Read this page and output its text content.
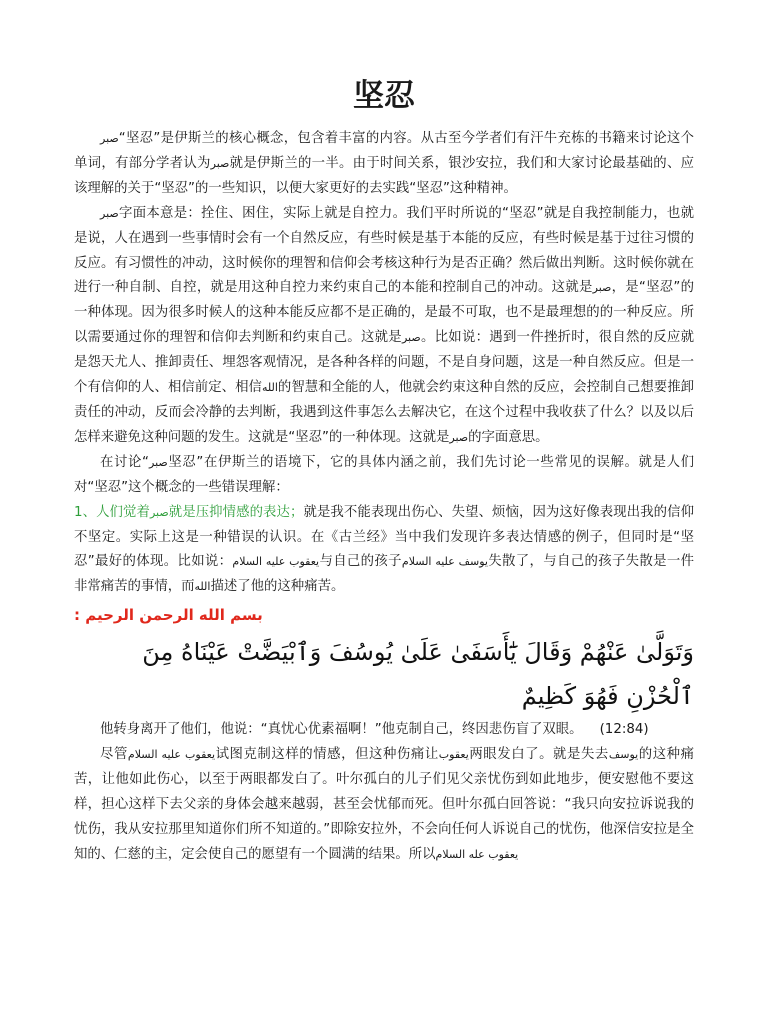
坚忍

صبر“坚忍”是伊斯兰的核心概念，包含着丰富的内容。从古至今学者们有汗牛充栋的书籍来讨论这个单词，有部分学者认为صبر就是伊斯兰的一半。由于时间关系，银沙安拉，我们和大家讨论最基础的、应该理解的关于“坚忍”的一些知识，以便大家更好的去实践“坚忍”这种精神。

صبر字面本意是：拴住、困住，实际上就是自控力。我们平时所说的“坚忍”就是自我控制能力，也就是说，人在遇到一些事情时会有一个自然反应，有些时候是基于本能的反应，有些时候是基于过往习惯的反应。有习惯性的冲动，这时候你的理智和信仰会考核这种行为是否正确？然后做出判断。这时候你就在进行一种自制、自控，就是用这种自控力来约束自己的本能和控制自己的冲动。这就是صبر，是“坚忍”的一种体现。因为很多时候人的这种本能反应都不是正确的，是最不可取，也不是最理想的的一种反应。所以需要通过你的理智和信仰去判断和约束自己。这就是صبر。比如说：遇到一件挫折时，很自然的反应就是怨天尤人、推卸责任、埋怨客观情况，是各种各样的问题，不是自身问题，这是一种自然反应。但是一个有信仰的人、相信前定、相信الله的智慧和全能的人，他就会约束这种自然的反应，会控制自己想要推卸责任的冲动，反而会冷静的去判断，我遇到这件事怎么去解决它，在这个过程中我收获了什么？以及以后怎样来避免这种问题的发生。这就是“坚忍”的一种体现。这就是صبر的字面意思。

在讨论“صبر坚忍”在伊斯兰的语境下，它的具体内涵之前，我们先讨论一些常见的误解。就是人们对“坚忍”这个概念的一些错误理解：

1、人们觉着صبر就是压抑情感的表达；就是我不能表现出伤心、失望、烦恼，因为这好像表现出我的信仰不坚定。实际上这是一种错误的认识。在《古兰经》当中我们发现许多表达情感的例子，但同时是“坚忍”最好的体现。比如说：يعقوب عليه السلام与自己的孩子يوسف عليه السلام失散了，与自己的孩子失散是一件非常痛苦的事情，而الله描述了他的这种痛苦。

بسم الله الرحمن الرحيم :

وَتَوَلَّىٰ عَنْهُمْ وَقَالَ يَٰٓأَسَفَىٰ عَلَىٰ يُوسُفَ وَٱبْيَضَّتْ عَيْنَاهُ مِنَ ٱلْحُزْنِ فَهُوَ كَظِيمٌ

他转身离开了他们，他说：“真忧心优素福啊！”他克制自己，终因悲伤盲了双眼。 (12:84)

尽管يعقوب عليه السلام试图克制这样的情感，但这种伤痛让يعقوب两眼发白了。就是失去يوسف的这种痛苦，让他如此伤心，以至于两眼都发白了。叶尔孤白的儿子们见父亲忧伤到如此地步，便安慰他不要这样，担心这样下去父亲的身体会越来越弱，甚至会忧郁而死。但叶尔孤白回答说：“我只向安拉诉说我的忧伤，我从安拉那里知道你们所不知道的。”即除安拉外，不会向任何人诉说自己的忧伤，他深信安拉是全知的、仁慈的主，定会使自己的愿望有一个圆满的结果。所以يعقوب عله السلام
